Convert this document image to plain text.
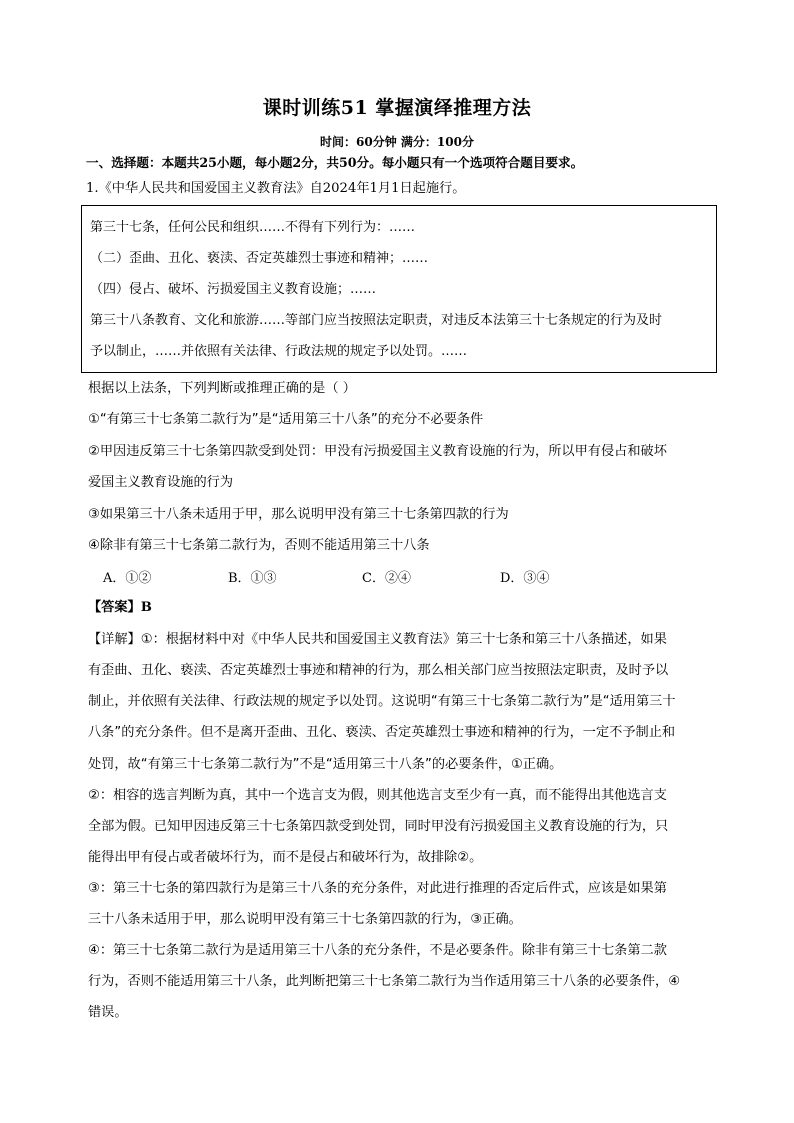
课时训练51 掌握演绎推理方法
时间：60分钟 满分：100分
一、选择题：本题共25小题，每小题2分，共50分。每小题只有一个选项符合题目要求。
1.《中华人民共和国爱国主义教育法》自2024年1月1日起施行。
第三十七条，任何公民和组织……不得有下列行为：……
（二）歪曲、丑化、亵渎、否定英雄烈士事迹和精神；……
（四）侵占、破坏、污损爱国主义教育设施；……
第三十八条教育、文化和旅游……等部门应当按照法定职责，对违反本法第三十七条规定的行为及时
予以制止，……并依照有关法律、行政法规的规定予以处罚。……
根据以上法条，下列判断或推理正确的是（ ）
①“有第三十七条第二款行为”是“适用第三十八条”的充分不必要条件
②甲因违反第三十七条第四款受到处罚：甲没有污损爱国主义教育设施的行为，所以甲有侵占和破坏
爱国主义教育设施的行为
③如果第三十八条未适用于甲，那么说明甲没有第三十七条第四款的行为
④除非有第三十七条第二款行为，否则不能适用第三十八条
A．①②	B．①③	C．②④	D．③④
【答案】B
【详解】①：根据材料中对《中华人民共和国爱国主义教育法》第三十七条和第三十八条描述，如果
有歪曲、丑化、亵渎、否定英雄烈士事迹和精神的行为，那么相关部门应当按照法定职责，及时予以
制止，并依照有关法律、行政法规的规定予以处罚。这说明“有第三十七条第二款行为”是“适用第三十
八条”的充分条件。但不是离开歪曲、丑化、亵渎、否定英雄烈士事迹和精神的行为，一定不予制止和
处罚，故“有第三十七条第二款行为”不是“适用第三十八条”的必要条件，①正确。
②：相容的选言判断为真，其中一个选言支为假，则其他选言支至少有一真，而不能得出其他选言支
全部为假。已知甲因违反第三十七条第四款受到处罚，同时甲没有污损爱国主义教育设施的行为，只
能得出甲有侵占或者破坏行为，而不是侵占和破坏行为，故排除②。
③：第三十七条的第四款行为是第三十八条的充分条件，对此进行推理的否定后件式，应该是如果第
三十八条未适用于甲，那么说明甲没有第三十七条第四款的行为，③正确。
④：第三十七条第二款行为是适用第三十八条的充分条件，不是必要条件。除非有第三十七条第二款
行为，否则不能适用第三十八条，此判断把第三十七条第二款行为当作适用第三十八条的必要条件，④
错误。
